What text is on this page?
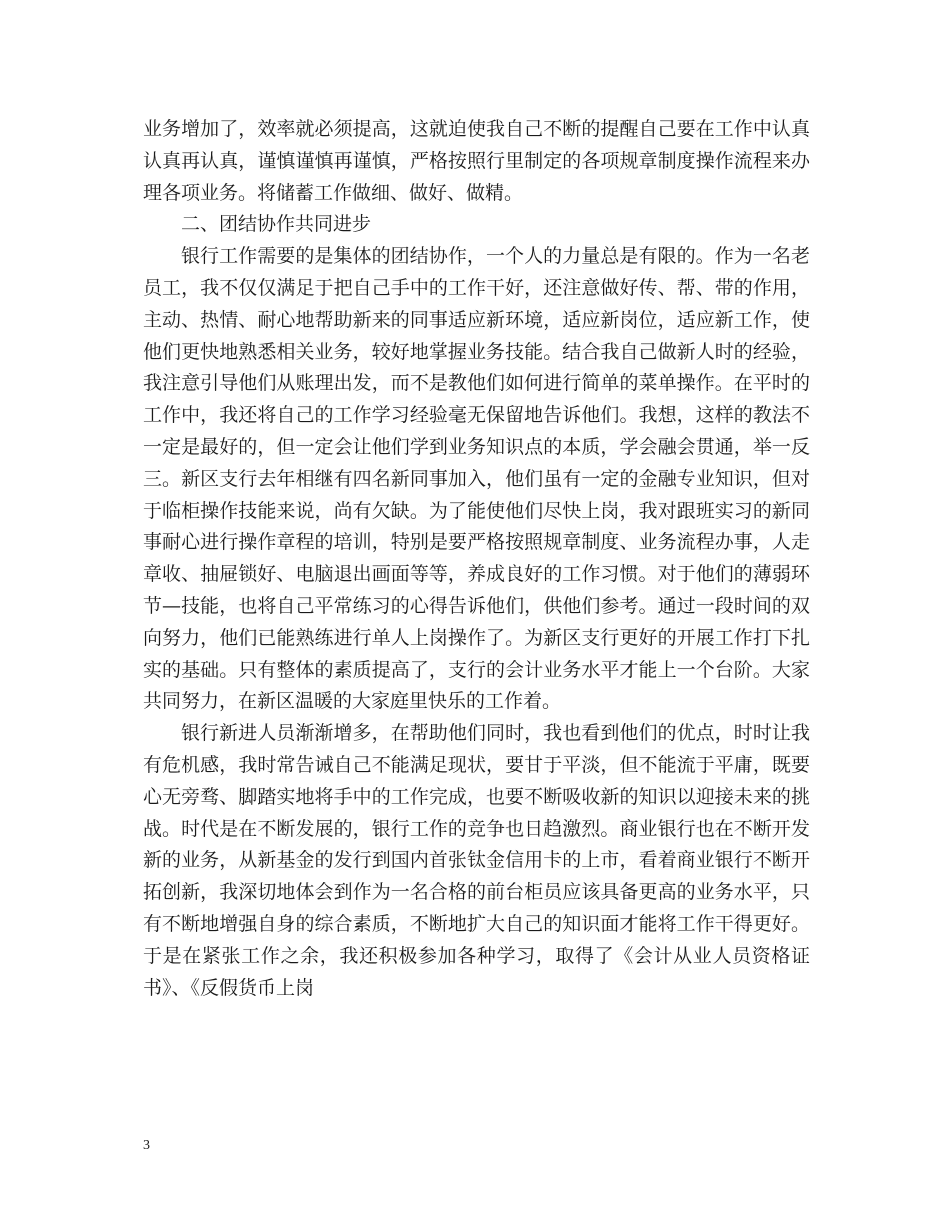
业务增加了，效率就必须提高，这就迫使我自己不断的提醒自己要在工作中认真认真再认真，谨慎谨慎再谨慎，严格按照行里制定的各项规章制度操作流程来办理各项业务。将储蓄工作做细、做好、做精。

二、团结协作共同进步

银行工作需要的是集体的团结协作，一个人的力量总是有限的。作为一名老员工，我不仅仅满足于把自己手中的工作干好，还注意做好传、帮、带的作用，主动、热情、耐心地帮助新来的同事适应新环境，适应新岗位，适应新工作，使他们更快地熟悉相关业务，较好地掌握业务技能。结合我自己做新人时的经验，我注意引导他们从账理出发，而不是教他们如何进行简单的菜单操作。在平时的工作中，我还将自己的工作学习经验毫无保留地告诉他们。我想，这样的教法不一定是最好的，但一定会让他们学到业务知识点的本质，学会融会贯通，举一反三。新区支行去年相继有四名新同事加入，他们虽有一定的金融专业知识，但对于临柜操作技能来说，尚有欠缺。为了能使他们尽快上岗，我对跟班实习的新同事耐心进行操作章程的培训，特别是要严格按照规章制度、业务流程办事，人走章收、抽屉锁好、电脑退出画面等等，养成良好的工作习惯。对于他们的薄弱环节—技能，也将自己平常练习的心得告诉他们，供他们参考。通过一段时间的双向努力，他们已能熟练进行单人上岗操作了。为新区支行更好的开展工作打下扎实的基础。只有整体的素质提高了，支行的会计业务水平才能上一个台阶。大家共同努力，在新区温暖的大家庭里快乐的工作着。

银行新进人员渐渐增多，在帮助他们同时，我也看到他们的优点，时时让我有危机感，我时常告诫自己不能满足现状，要甘于平淡，但不能流于平庸，既要心无旁骛、脚踏实地将手中的工作完成，也要不断吸收新的知识以迎接未来的挑战。时代是在不断发展的，银行工作的竞争也日趋激烈。商业银行也在不断开发新的业务，从新基金的发行到国内首张钛金信用卡的上市，看着商业银行不断开拓创新，我深切地体会到作为一名合格的前台柜员应该具备更高的业务水平，只有不断地增强自身的综合素质，不断地扩大自己的知识面才能将工作干得更好。于是在紧张工作之余，我还积极参加各种学习，取得了《会计从业人员资格证书》、《反假货币上岗

3
